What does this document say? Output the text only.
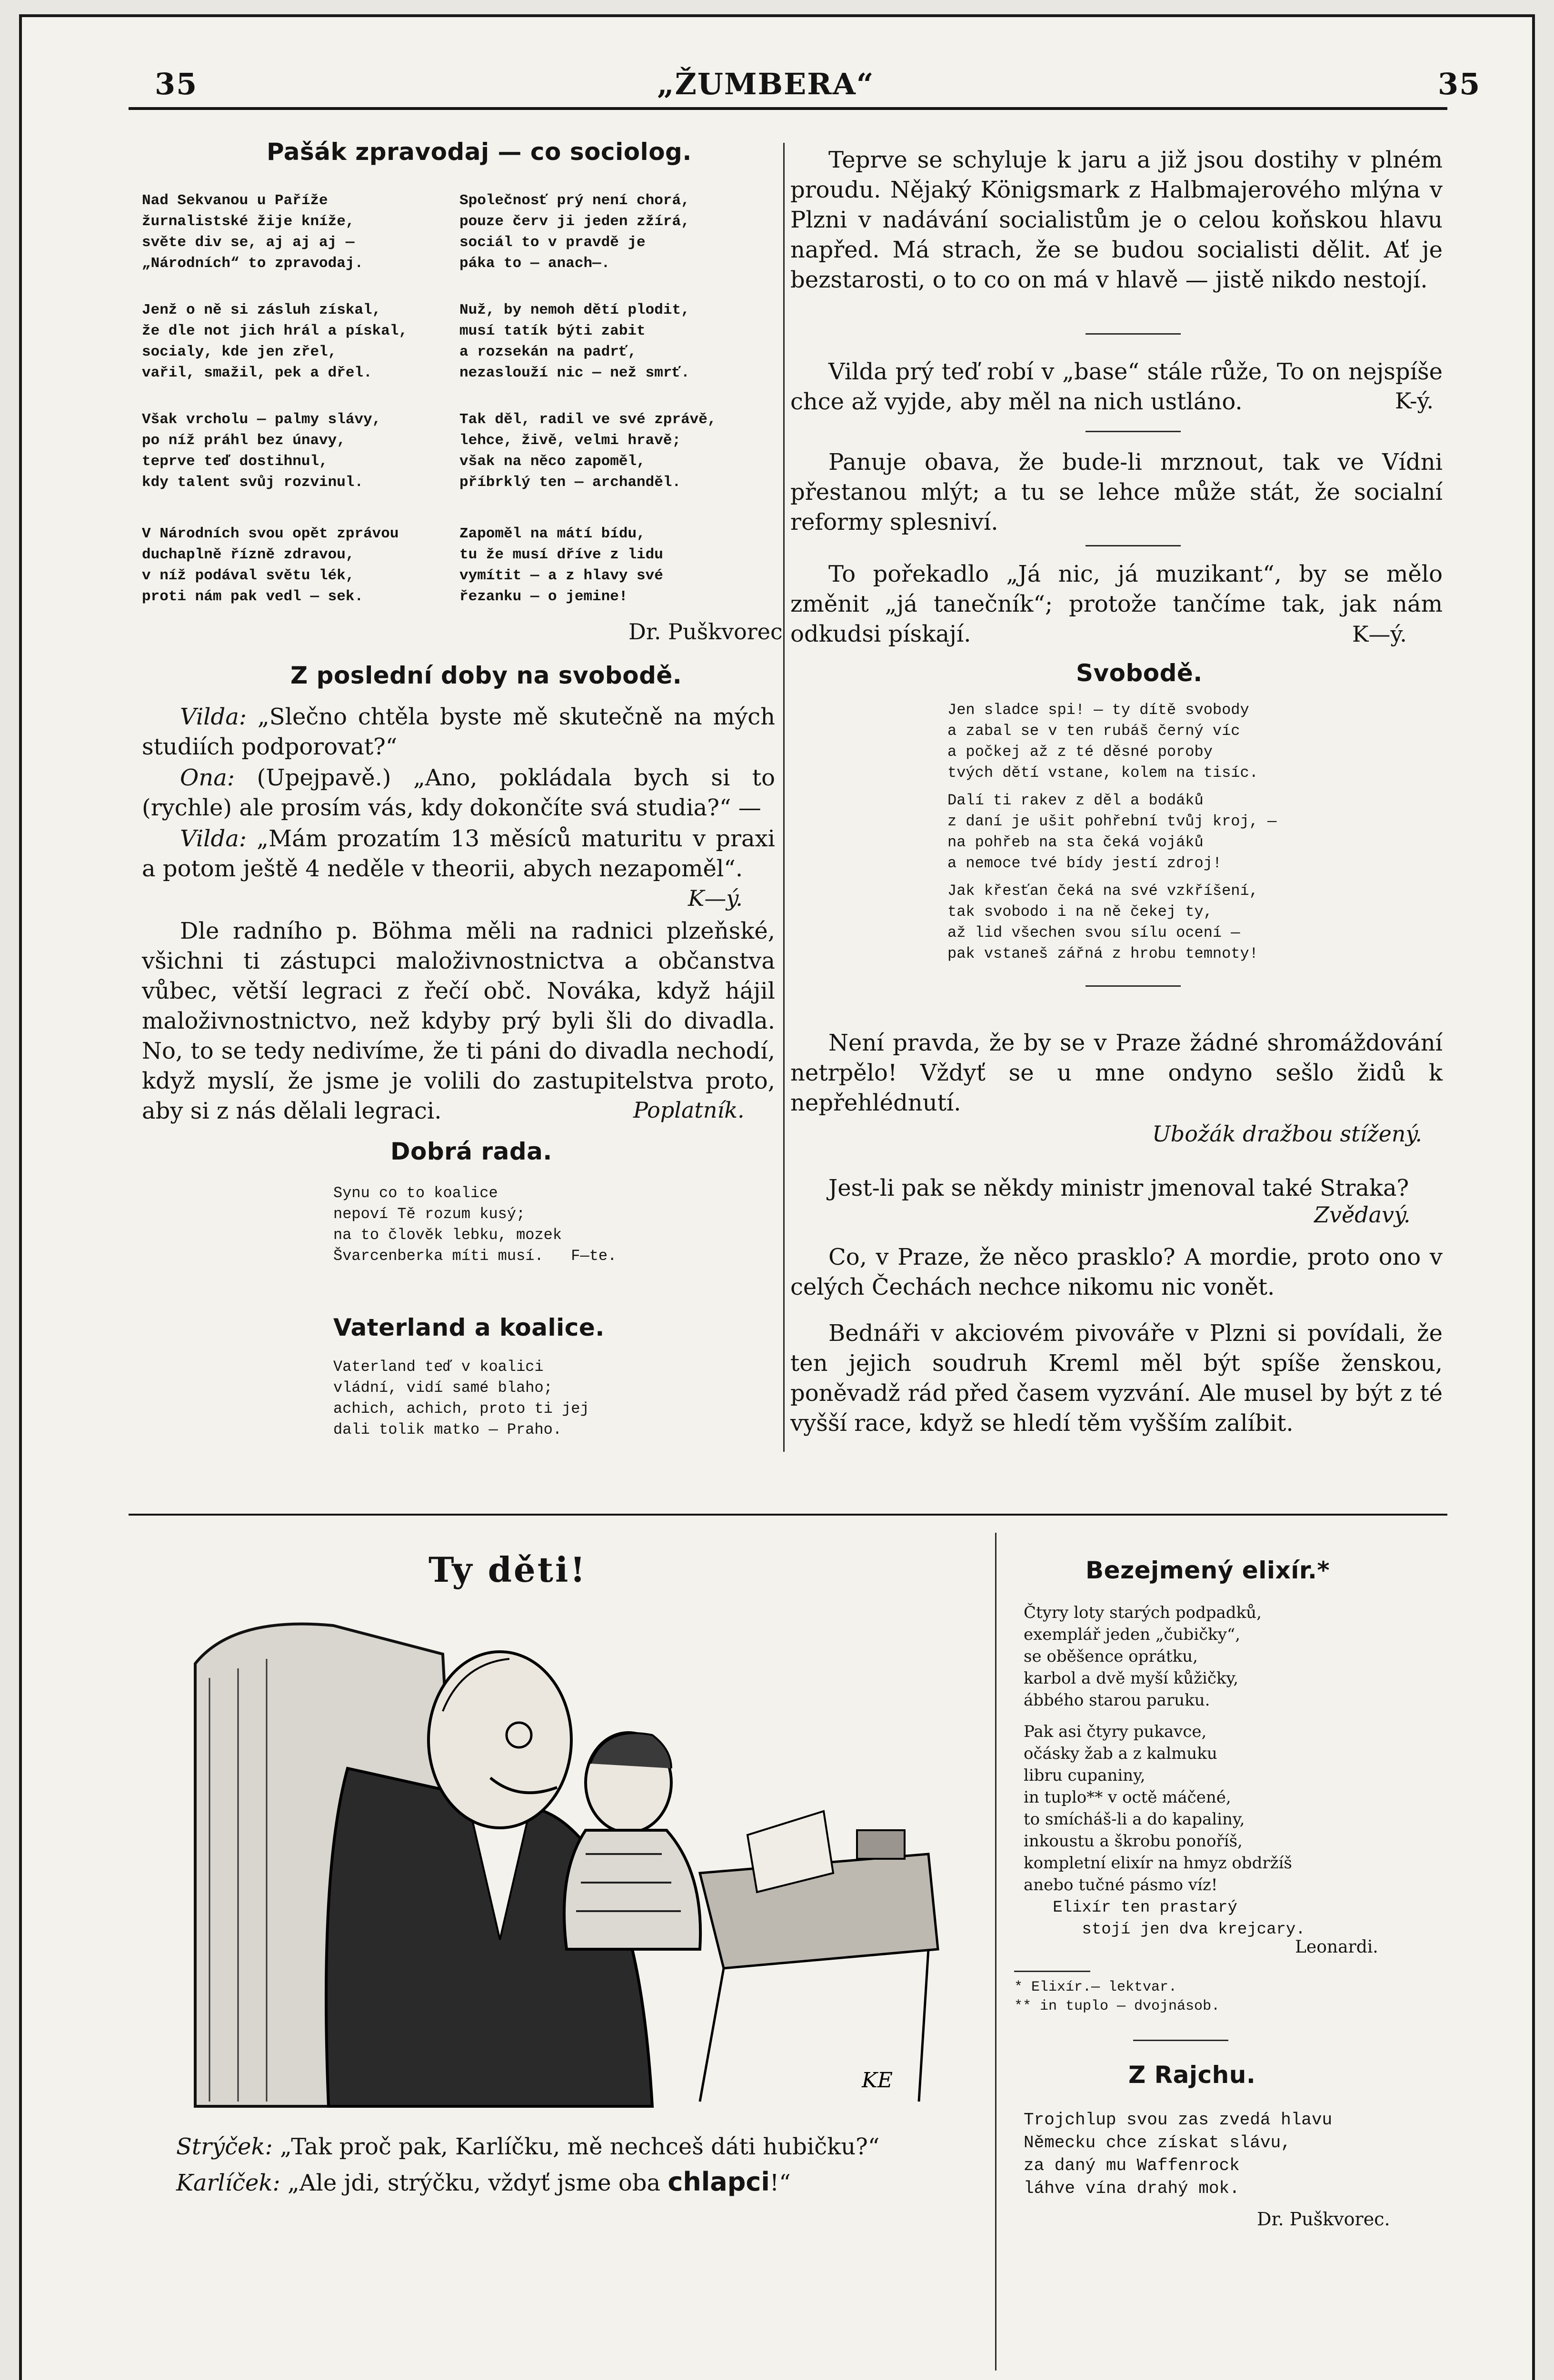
35	„ŽUMBERA“	35
Pašák zpravodaj — co sociolog.
Nad Sekvanou u Paříže
žurnalistské žije kníže,
světe div se, aj aj aj —
„Národních“ to zpravodaj.
Jenž o ně si zásluh získal,
že dle not jich hrál a pískal,
socialy, kde jen zřel,
vařil, smažil, pek a dřel.
Však vrcholu — palmy slávy,
po níž práhl bez únavy,
teprve teď dostihnul,
kdy talent svůj rozvinul.
V Národních svou opět zprávou
duchaplně řízně zdravou,
v níž podával světu lék,
proti nám pak vedl — sek.
Společnosť prý není chorá,
pouze červ ji jeden zžírá,
sociál to v pravdě je
páka to — anach—.
Nuž, by nemoh dětí plodit,
musí tatík býti zabit
a rozsekán na padrť,
nezaslouží nic — než smrť.
Tak děl, radil ve své zprávě,
lehce, živě, velmi hravě;
však na něco zapoměl,
příbrklý ten — archanděl.
Zapoměl na mátí bídu,
tu že musí dříve z lidu
vymítit — a z hlavy své
řezanku — o jemine!
Dr. Puškvorec
Z poslední doby na svobodě.

Vilda: „Slečno chtěla byste mě skutečně na mých studiích podporovat?“

Ona: (Upejpavě.) „Ano, pokládala bych si to (rychle) ale prosím vás, kdy dokončíte svá studia?“ —

Vilda: „Mám prozatím 13 měsíců maturitu v praxi a potom ještě 4 neděle v theorii, abych nezapoměl“.

K—ý.

Dle radního p. Böhma měli na radnici plzeňské, všichni ti zástupci maloživnostnictva a občanstva vůbec, větší legraci z řečí obč. Nováka, když hájil maloživnostnictvo, než kdyby prý byli šli do divadla. No, to se tedy nedivíme, že ti páni do divadla nechodí, když myslí, že jsme je volili do zastupitelstva proto, aby si z nás dělali legraci.	Poplatník.
Dobrá rada.
Synu co to koalice
nepoví Tě rozum kusý;
na to člověk lebku, mozek
Švarcenberka míti musí.   F—te.
Vaterland a koalice.
Vaterland teď v koalici
vládní, vidí samé blaho;
achich, achich, proto ti jej
dali tolik matko — Praho.

Teprve se schyluje k jaru a již jsou dostihy v plném proudu. Nějaký Königsmark z Halbmajerového mlýna v Plzni v nadávání socialistům je o celou koňskou hlavu napřed. Má strach, že se budou socialisti dělit. Ať je bezstarosti, o to co on má v hlavě — jistě nikdo nestojí.

Vilda prý teď robí v „base“ stále růže, To on nejspíše chce až vyjde, aby měl na nich ustláno.	K-ý.

Panuje obava, že bude-li mrznout, tak ve Vídni přestanou mlýt; a tu se lehce může stát, že socialní reformy splesniví.

To pořekadlo „Já nic, já muzikant“, by se mělo změnit „já tanečník“; protože tančíme tak, jak nám odkudsi pískají.	K—ý.
Svobodě.
Jen sladce spi! — ty dítě svobody
a zabal se v ten rubáš černý víc
a počkej až z té děsné poroby
tvých dětí vstane, kolem na tisíc.
Dalí ti rakev z děl a bodáků
z daní je ušit pohřební tvůj kroj, —
na pohřeb na sta čeká vojáků
a nemoce tvé bídy jestí zdroj!
Jak křesťan čeká na své vzkříšení,
tak svobodo i na ně čekej ty,
až lid všechen svou sílu ocení —
pak vstaneš zářná z hrobu temnoty!

Není pravda, že by se v Praze žádné shromáždování netrpělo! Vždyť se u mne ondyno sešlo židů k nepřehlédnutí.

Ubožák dražbou stížený.

Jest-li pak se někdy ministr jmenoval také Straka?

Zvědavý.

Co, v Praze, že něco prasklo? A mordie, proto ono v celých Čechách nechce nikomu nic vonět.

Bednáři v akciovém pivováře v Plzni si povídali, že ten jejich soudruh Kreml měl být spíše ženskou, poněvadž rád před časem vyzvání. Ale musel by být z té vyšší race, když se hledí těm vyšším zalíbit.

Ty děti!
KE
Strýček: „Tak proč pak, Karlíčku, mě nechceš dáti hubičku?“
Karlíček: „Ale jdi, strýčku, vždyť jsme oba chlapci!“
Bezejmený elixír.*
Čtyry loty starých podpadků,
exemplář jeden „čubičky“,
se oběšence oprátku,
karbol a dvě myší kůžičky,
ábbého starou paruku.
Pak asi čtyry pukavce,
očásky žab a z kalmuku
libru cupaniny,
in tuplo** v octě máčené,
to smícháš-li a do kapaliny,
inkoustu a škrobu ponoříš,
kompletní elixír na hmyz obdržíš
anebo tučné pásmo víz!
Elixír ten prastarý
stojí jen dva krejcary.
Leonardi.
* Elixír.— lektvar.
** in tuplo — dvojnásob.
Z Rajchu.
Trojchlup svou zas zvedá hlavu
Německu chce získat slávu,
za daný mu Waffenrock
láhve vína drahý mok.
Dr. Puškvorec.
